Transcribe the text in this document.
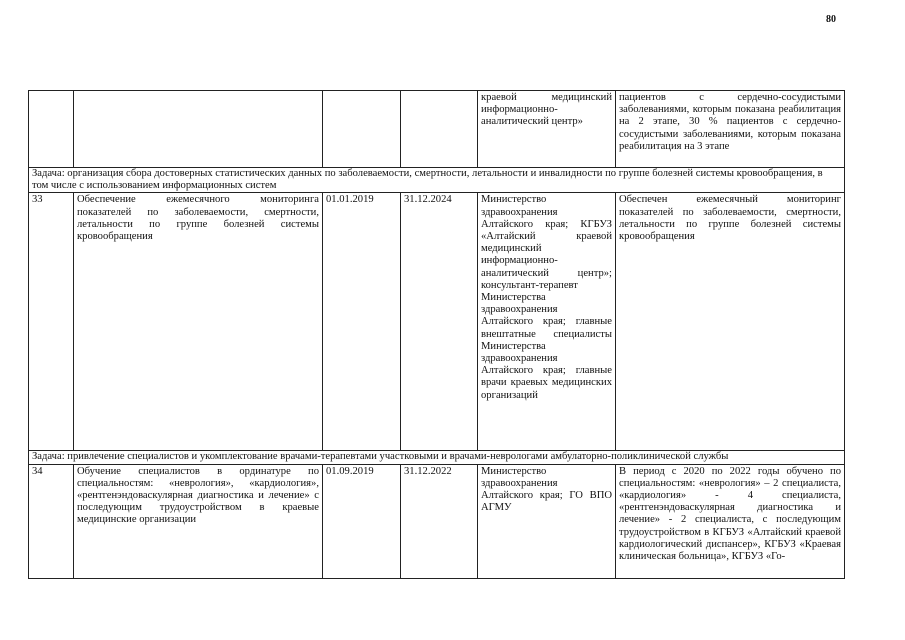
80
				краевой медицинский информационно-аналитический центр»	пациентов с сердечно-сосудистыми заболеваниями, которым показана реабилитация на 2 этапе, 30 % пациентов с сердечно-сосудистыми заболеваниями, которым показана реабилитация на 3 этапе
Задача: организация сбора достоверных статистических данных по заболеваемости, смертности, летальности и инвалидности по группе болезней системы кровообращения, в том числе с использованием информационных систем					
33	Обеспечение ежемесячного мониторинга показателей по заболеваемости, смертности, летальности по группе болезней системы кровообращения	01.01.2019	31.12.2024	Министерство здравоохранения Алтайского края; КГБУЗ «Алтайский краевой медицинский информационно-аналитический центр»; консультант-терапевт Министерства здравоохранения Алтайского края; главные внештатные специалисты Министерства здравоохранения Алтайского края; главные врачи краевых медицинских организаций	Обеспечен ежемесячный мониторинг показателей по заболеваемости, смертности, летальности по группе болезней системы кровообращения
Задача: привлечение специалистов и укомплектование врачами-терапевтами участковыми и врачами-неврологами амбулаторно-поликлинической службы					
34	Обучение специалистов в ординатуре по специальностям: «неврология», «кардиология», «рентгенэндоваскулярная диагностика и лечение» с последующим трудоустройством в краевые медицинские организации	01.09.2019	31.12.2022	Министерство здравоохранения Алтайского края; ГО ВПО АГМУ	В период с 2020 по 2022 годы обучено по специальностям: «неврология» – 2 специалиста, «кардиология» - 4 специалиста, «рентгенэндоваскулярная диагностика и лечение» - 2 специалиста, с последующим трудоустройством в КГБУЗ «Алтайский краевой кардиологический диспансер», КГБУЗ «Краевая клиническая больница», КГБУЗ «Го-
